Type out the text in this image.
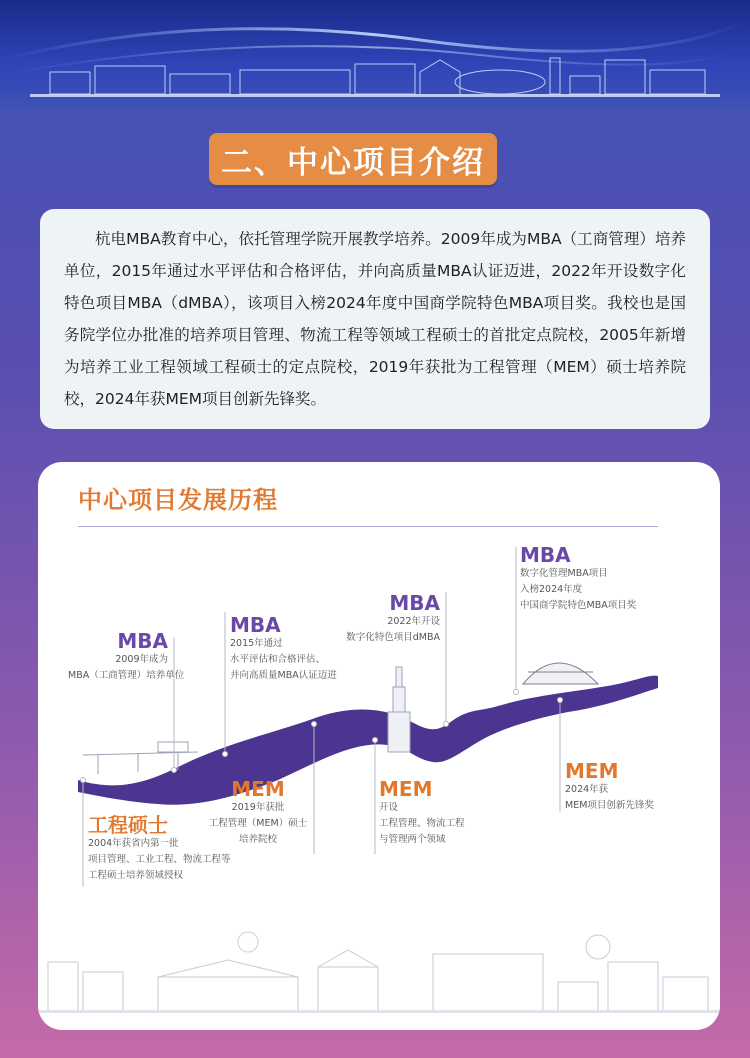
二、中心项目介绍

杭电MBA教育中心，依托管理学院开展教学培养。2009年成为MBA（工商管理）培养单位，2015年通过水平评估和合格评估，并向高质量MBA认证迈进，2022年开设数字化特色项目MBA（dMBA），该项目入榜2024年度中国商学院特色MBA项目奖。我校也是国务院学位办批准的培养项目管理、物流工程等领域工程硕士的首批定点院校，2005年新增为培养工业工程领域工程硕士的定点院校，2019年获批为工程管理（MEM）硕士培养院校，2024年获MEM项目创新先锋奖。

中心项目发展历程
MBA
2009年成为
MBA（工商管理）培养单位
MBA
2015年通过
水平评估和合格评估、
并向高质量MBA认证迈进
MBA
2022年开设
数字化特色项目dMBA
MBA
数字化管理MBA项目
入榜2024年度
中国商学院特色MBA项目奖
工程硕士
2004年获省内第一批
项目管理、工业工程、物流工程等
工程硕士培养领域授权
MEM
2019年获批
工程管理（MEM）硕士
培养院校
MEM
开设
工程管理、物流工程
与管理两个领域
MEM
2024年获
MEM项目创新先锋奖
